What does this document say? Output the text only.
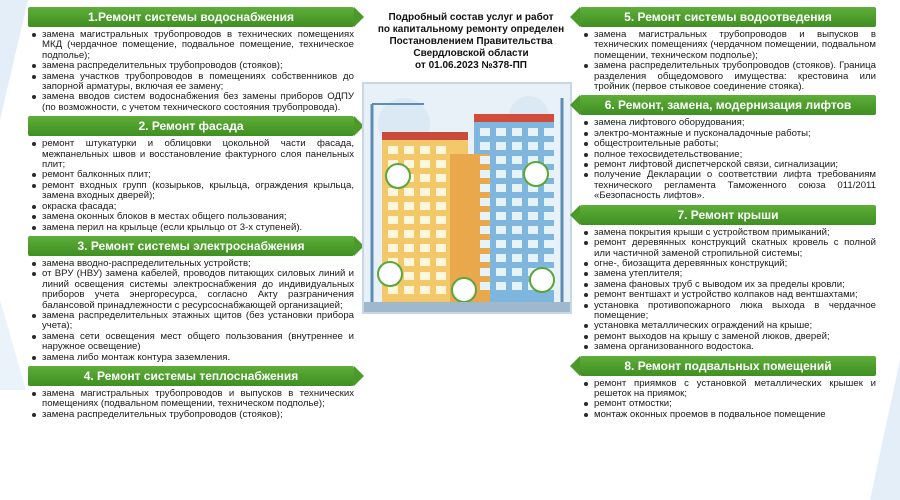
1.Ремонт системы водоснабжения
замена магистральных трубопроводов в технических помещениях МКД (чердачное помещение, подвальное помещение, техническое подполье);
замена распределительных трубопроводов (стояков);
замена участков трубопроводов в помещениях собственников до запорной арматуры, включая ее замену;
замена вводов систем водоснабжения без замены приборов ОДПУ (по возможности, с учетом технического состояния трубопровода).
2. Ремонт фасада
ремонт штукатурки и облицовки цокольной части фасада, межпанельных швов и восстановление фактурного слоя панельных плит;
ремонт балконных плит;
ремонт входных групп (козырьков, крыльца, ограждения крыльца, замена входных дверей);
окраска фасада;
замена оконных блоков в местах общего пользования;
замена перил на крыльце (если крыльцо от 3-х ступеней).
3. Ремонт системы электроснабжения
замена вводно-распределительных устройств;
от ВРУ (НВУ) замена кабелей, проводов питающих силовых линий и линий освещения системы электроснабжения до индивидуальных приборов учета энергоресурса, согласно Акту разграничения балансовой принадлежности с ресурсоснабжающей организацией;
замена распределительных этажных щитов (без установки прибора учета);
замена сети освещения мест общего пользования (внутреннее и наружное освещение)
замена либо монтаж контура заземления.
4. Ремонт системы теплоснабжения
замена магистральных трубопроводов и выпусков в технических помещениях (подвальном помещении, техническом подполье);
замена распределительных трубопроводов (стояков);
Подробный состав услуг и работ
по капитальному ремонту определен
Постановлением Правительства
Свердловской области
от 01.06.2023 №378-ПП
5. Ремонт системы водоотведения
замена магистральных трубопроводов и выпусков в технических помещениях (чердачном помещении, подвальном помещении, техническом подполье);
замена распределительных трубопроводов (стояков). Граница разделения общедомового имущества: крестовина или тройник (первое стыковое соединение стояка).
6. Ремонт, замена, модернизация лифтов
замена лифтового оборудования;
электро-монтажные и пусконаладочные работы;
общестроительные работы;
полное техосвидетельствование;
ремонт лифтовой диспетчерской связи, сигнализации;
получение Декларации о соответствии лифта требованиям технического регламента Таможенного союза 011/2011 «Безопасность лифтов».
7. Ремонт крыши
замена покрытия крыши с устройством примыканий;
ремонт деревянных конструкций скатных кровель с полной или частичной заменой стропильной системы;
огне-, биозащита деревянных конструкций;
замена утеплителя;
замена фановых труб с выводом их за пределы кровли;
ремонт вентшахт и устройство колпаков над вентшахтами;
установка противопожарного люка выхода в чердачное помещение;
установка металлических ограждений на крыше;
ремонт выходов на крышу с заменой люков, дверей;
замена организованного водостока.
8. Ремонт подвальных помещений
ремонт приямков с установкой металлических крышек и решеток на приямок;
ремонт отмостки;
монтаж оконных проемов в подвальное помещение
